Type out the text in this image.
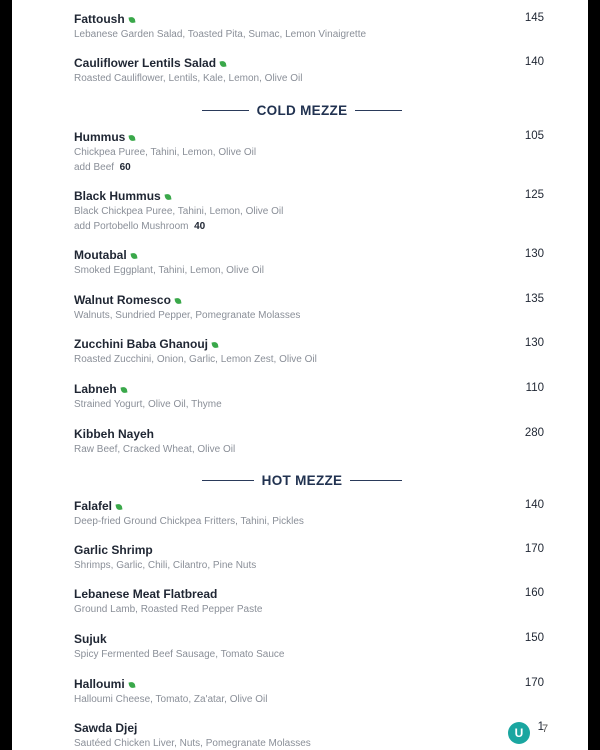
Fattoush
Lebanese Garden Salad, Toasted Pita, Sumac, Lemon Vinaigrette
145
Cauliflower Lentils Salad
Roasted Cauliflower, Lentils, Kale, Lemon, Olive Oil
140
COLD MEZZE
Hummus
Chickpea Puree, Tahini, Lemon, Olive Oil
add Beef 60
105
Black Hummus
Black Chickpea Puree, Tahini, Lemon, Olive Oil
add Portobello Mushroom 40
125
Moutabal
Smoked Eggplant, Tahini, Lemon, Olive Oil
130
Walnut Romesco
Walnuts, Sundried Pepper, Pomegranate Molasses
135
Zucchini Baba Ghanouj
Roasted Zucchini, Onion, Garlic, Lemon Zest, Olive Oil
130
Labneh
Strained Yogurt, Olive Oil, Thyme
110
Kibbeh Nayeh
Raw Beef, Cracked Wheat, Olive Oil
280
HOT MEZZE
Falafel
Deep-fried Ground Chickpea Fritters, Tahini, Pickles
140
Garlic Shrimp
Shrimps, Garlic, Chili, Cilantro, Pine Nuts
170
Lebanese Meat Flatbread
Ground Lamb, Roasted Red Pepper Paste
160
Sujuk
Spicy Fermented Beef Sausage, Tomato Sauce
150
Halloumi
Halloumi Cheese, Tomato, Za'atar, Olive Oil
170
Sawda Djej
Sautéed Chicken Liver, Nuts, Pomegranate Molasses
1
U	7
